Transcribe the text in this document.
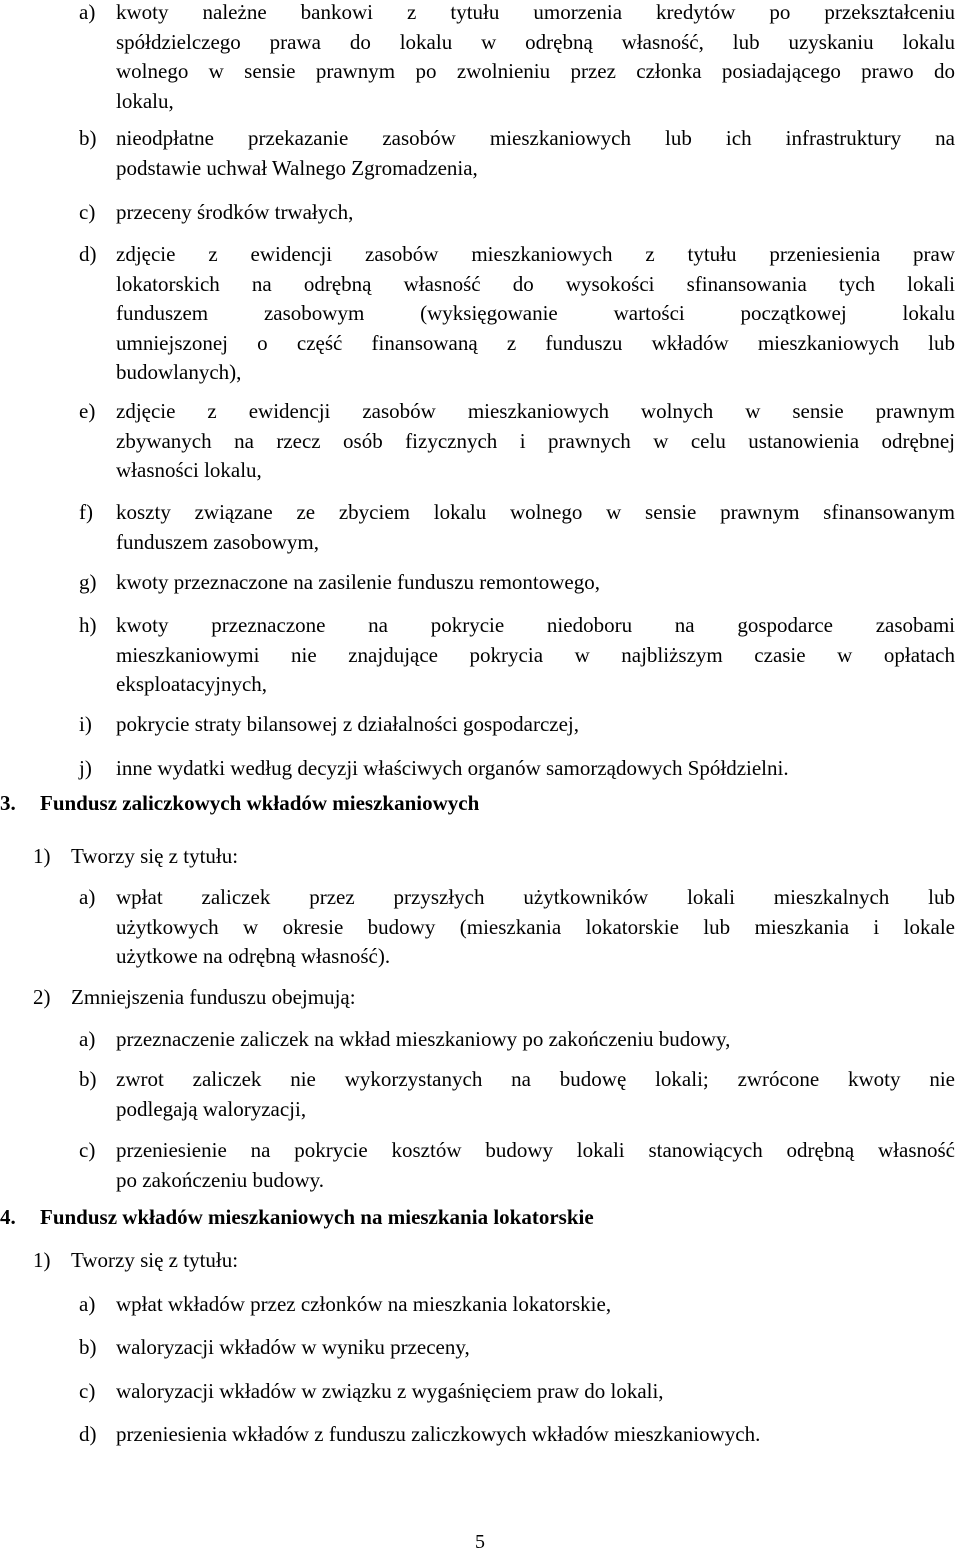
a) kwoty należne bankowi z tytułu umorzenia kredytów po przekształceniu
spółdzielczego prawa do lokalu w odrębną własność, lub uzyskaniu lokalu
wolnego w sensie prawnym po zwolnieniu przez członka posiadającego prawo do
lokalu,
b) nieodpłatne przekazanie zasobów mieszkaniowych lub ich infrastruktury na
podstawie uchwał Walnego Zgromadzenia,
c) przeceny środków trwałych,
d) zdjęcie z ewidencji zasobów mieszkaniowych z tytułu przeniesienia praw
lokatorskich na odrębną własność do wysokości sfinansowania tych lokali
funduszem zasobowym (wyksięgowanie wartości początkowej lokalu
umniejszonej o część finansowaną z funduszu wkładów mieszkaniowych lub
budowlanych),
e) zdjęcie z ewidencji zasobów mieszkaniowych wolnych w sensie prawnym
zbywanych na rzecz osób fizycznych i prawnych w celu ustanowienia odrębnej
własności lokalu,
f) koszty związane ze zbyciem lokalu wolnego w sensie prawnym sfinansowanym
funduszem zasobowym,
g) kwoty przeznaczone na zasilenie funduszu remontowego,
h) kwoty przeznaczone na pokrycie niedoboru na gospodarce zasobami
mieszkaniowymi nie znajdujące pokrycia w najbliższym czasie w opłatach
eksploatacyjnych,
i) pokrycie straty bilansowej z działalności gospodarczej,
j) inne wydatki według decyzji właściwych organów samorządowych Spółdzielni.
3. Fundusz zaliczkowych wkładów mieszkaniowych
1) Tworzy się z tytułu:
a) wpłat zaliczek przez przyszłych użytkowników lokali mieszkalnych lub
użytkowych w okresie budowy (mieszkania lokatorskie lub mieszkania i lokale
użytkowe na odrębną własność).
2) Zmniejszenia funduszu obejmują:
a) przeznaczenie zaliczek na wkład mieszkaniowy po zakończeniu budowy,
b) zwrot zaliczek nie wykorzystanych na budowę lokali; zwrócone kwoty nie
podlegają waloryzacji,
c) przeniesienie na pokrycie kosztów budowy lokali stanowiących odrębną własność
po zakończeniu budowy.
4. Fundusz wkładów mieszkaniowych na mieszkania lokatorskie
1) Tworzy się z tytułu:
a) wpłat wkładów przez członków na mieszkania lokatorskie,
b) waloryzacji wkładów w wyniku przeceny,
c) waloryzacji wkładów w związku z wygaśnięciem praw do lokali,
d) przeniesienia wkładów z funduszu zaliczkowych wkładów mieszkaniowych.
5
